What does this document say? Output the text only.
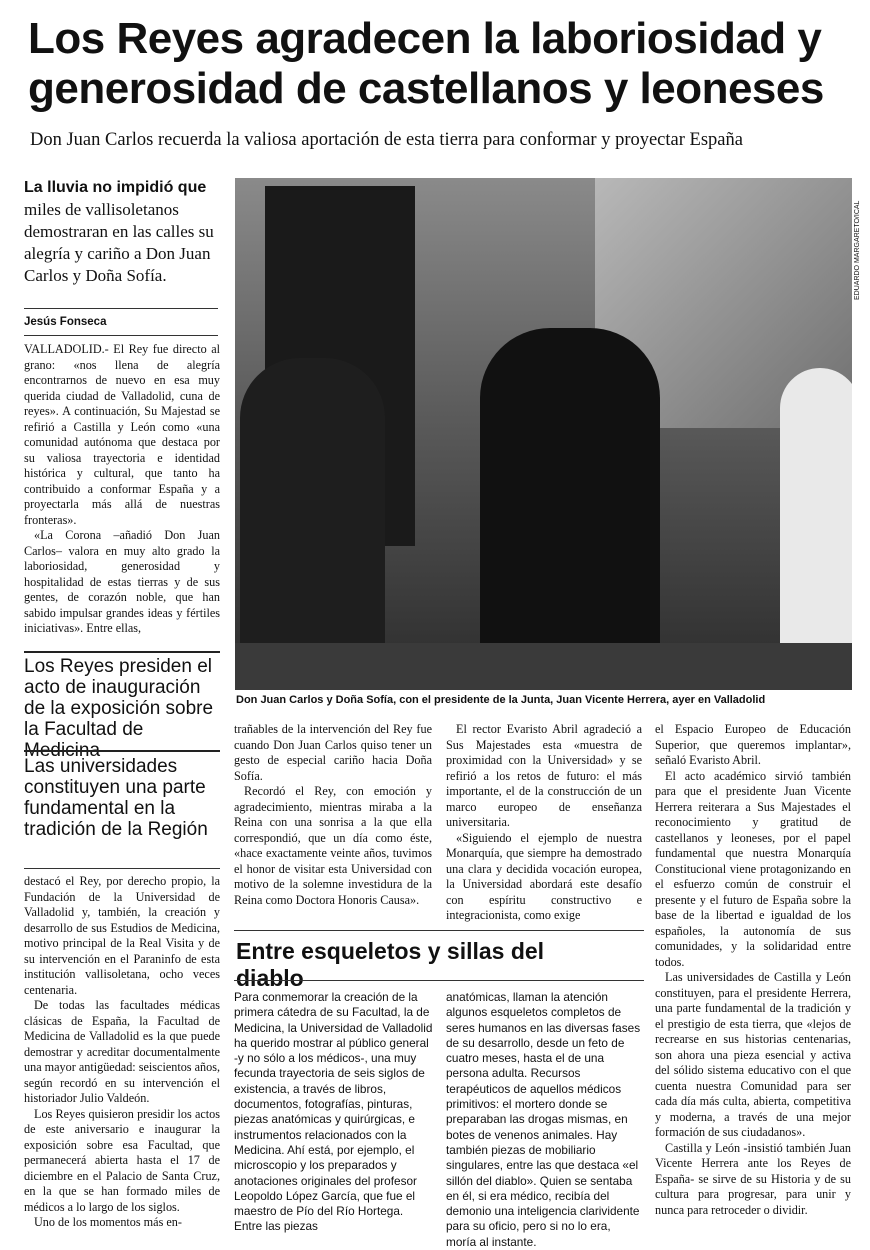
Los Reyes agradecen la laboriosidad y generosidad de castellanos y leoneses
Don Juan Carlos recuerda la valiosa aportación de esta tierra para conformar y proyectar España
La lluvia no impidió que miles de vallisoletanos demostraran en las calles su alegría y cariño a Don Juan Carlos y Doña Sofía.
Jesús Fonseca

VALLADOLID.- El Rey fue directo al grano: «nos llena de alegría encontrarnos de nuevo en esa muy querida ciudad de Valladolid, cuna de reyes». A continuación, Su Majestad se refirió a Castilla y León como «una comunidad autónoma que destaca por su valiosa trayectoria e identidad histórica y cultural, que tanto ha contribuido a conformar España y a proyectarla más allá de nuestras fronteras».

«La Corona –añadió Don Juan Carlos– valora en muy alto grado la laboriosidad, generosidad y hospitalidad de estas tierras y de sus gentes, de corazón noble, que han sabido impulsar grandes ideas y fértiles iniciativas». Entre ellas,

Los Reyes presiden el acto de inauguración de la exposición sobre la Facultad de Medicina
Las universidades constituyen una parte fundamental en la tradición de la Región

destacó el Rey, por derecho propio, la Fundación de la Universidad de Valladolid y, también, la creación y desarrollo de sus Estudios de Medicina, motivo principal de la Real Visita y de su intervención en el Paraninfo de esta institución vallisoletana, ocho veces centenaria.

De todas las facultades médicas clásicas de España, la Facultad de Medicina de Valladolid es la que puede demostrar y acreditar documentalmente una mayor antigüedad: seiscientos años, según recordó en su intervención el historiador Julio Valdeón.

Los Reyes quisieron presidir los actos de este aniversario e inaugurar la exposición sobre esa Facultad, que permanecerá abierta hasta el 17 de diciembre en el Palacio de Santa Cruz, en la que se han formado miles de médicos a lo largo de los siglos.

Uno de los momentos más en-

EDUARDO MARGARETO/ICAL
Don Juan Carlos y Doña Sofía, con el presidente de la Junta, Juan Vicente Herrera, ayer en Valladolid

trañables de la intervención del Rey fue cuando Don Juan Carlos quiso tener un gesto de especial cariño hacia Doña Sofía.

Recordó el Rey, con emoción y agradecimiento, mientras miraba a la Reina con una sonrisa a la que ella correspondió, que un día como éste, «hace exactamente veinte años, tuvimos el honor de visitar esta Universidad con motivo de la solemne investidura de la Reina como Doctora Honoris Causa».

El rector Evaristo Abril agradeció a Sus Majestades esta «muestra de proximidad con la Universidad» y se refirió a los retos de futuro: el más importante, el de la construcción de un marco europeo de enseñanza universitaria.

«Siguiendo el ejemplo de nuestra Monarquía, que siempre ha demostrado una clara y decidida vocación europea, la Universidad abordará este desafío con espíritu constructivo e integracionista, como exige

el Espacio Europeo de Educación Superior, que queremos implantar», señaló Evaristo Abril.

El acto académico sirvió también para que el presidente Juan Vicente Herrera reiterara a Sus Majestades el reconocimiento y gratitud de castellanos y leoneses, por el papel fundamental que nuestra Monarquía Constitucional viene protagonizando en el esfuerzo común de construir el presente y el futuro de España sobre la base de la libertad e igualdad de los españoles, la autonomía de sus comunidades, y la solidaridad entre todos.

Las universidades de Castilla y León constituyen, para el presidente Herrera, una parte fundamental de la tradición y el prestigio de esta tierra, que «lejos de recrearse en sus historias centenarias, son ahora una pieza esencial y activa del sólido sistema educativo con el que cuenta nuestra Comunidad para ser cada día más culta, abierta, competitiva y moderna, a través de una mejor formación de sus ciudadanos».

Castilla y León -insistió también Juan Vicente Herrera ante los Reyes de España- se sirve de su Historia y de su cultura para progresar, para unir y nunca para retroceder o dividir.

Entre esqueletos y sillas del diablo

Para conmemorar la creación de la primera cátedra de su Facultad, la de Medicina, la Universidad de Valladolid ha querido mostrar al público general -y no sólo a los médicos-, una muy fecunda trayectoria de seis siglos de existencia, a través de libros, documentos, fotografías, pinturas, piezas anatómicas y quirúrgicas, e instrumentos relacionados con la Medicina. Ahí está, por ejemplo, el microscopio y los preparados y anotaciones originales del profesor Leopoldo López García, que fue el maestro de Pío del Río Hortega. Entre las piezas

anatómicas, llaman la atención algunos esqueletos completos de seres humanos en las diversas fases de su desarrollo, desde un feto de cuatro meses, hasta el de una persona adulta. Recursos terapéuticos de aquellos médicos primitivos: el mortero donde se preparaban las drogas mismas, en botes de venenos animales. Hay también piezas de mobiliario singulares, entre las que destaca «el sillón del diablo». Quien se sentaba en él, si era médico, recibía del demonio una inteligencia clarividente para su oficio, pero si no lo era, moría al instante.
